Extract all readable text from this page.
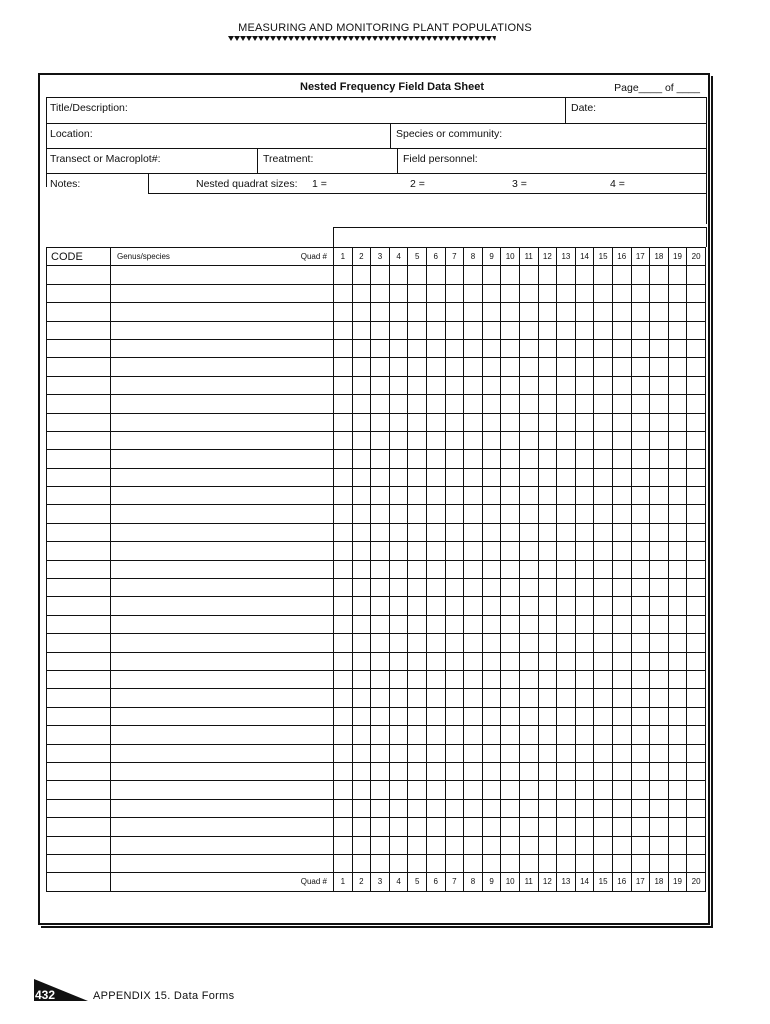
MEASURING AND MONITORING PLANT POPULATIONS
Nested Frequency Field Data Sheet	Page____ of ____
Title/Description:	Date:
Location:	Species or community:
Transect or Macroplot#:	Treatment:	Field personnel:
Notes:	Nested quadrat sizes: 1 =	2 =	3 =	4 =
CODE	Genus/species Quad #	1	2	3	4	5	6	7	8	9	10	11	12	13	14	15	16	17	18	19	20

	Quad #	1	2	3	4	5	6	7	8	9	10	11	12	13	14	15	16	17	18	19	20
432	APPENDIX 15. Data Forms
